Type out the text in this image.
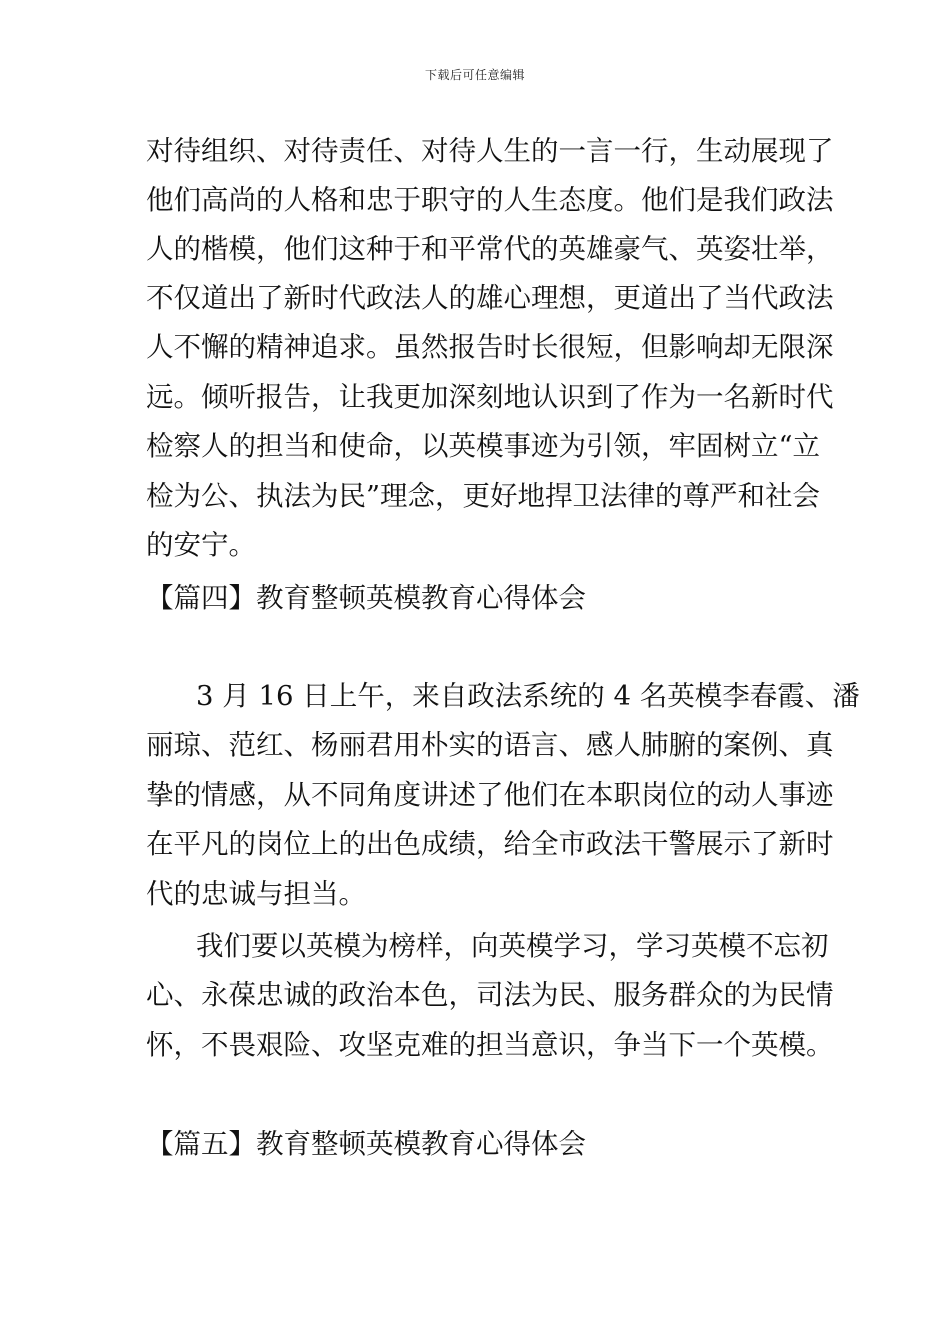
下载后可任意编辑
对待组织、对待责任、对待人生的一言一行，生动展现了
他们高尚的人格和忠于职守的人生态度。他们是我们政法
人的楷模，他们这种于和平常代的英雄豪气、英姿壮举，
不仅道出了新时代政法人的雄心理想，更道出了当代政法
人不懈的精神追求。虽然报告时长很短，但影响却无限深
远。倾听报告，让我更加深刻地认识到了作为一名新时代
检察人的担当和使命，以英模事迹为引领，牢固树立“立
检为公、执法为民”理念，更好地捍卫法律的尊严和社会
的安宁。
【篇四】教育整顿英模教育心得体会
3 月 16 日上午，来自政法系统的 4 名英模李春霞、潘
丽琼、范红、杨丽君用朴实的语言、感人肺腑的案例、真
挚的情感，从不同角度讲述了他们在本职岗位的动人事迹
在平凡的岗位上的出色成绩，给全市政法干警展示了新时
代的忠诚与担当。
我们要以英模为榜样，向英模学习，学习英模不忘初
心、永葆忠诚的政治本色，司法为民、服务群众的为民情
怀，不畏艰险、攻坚克难的担当意识，争当下一个英模。
【篇五】教育整顿英模教育心得体会
